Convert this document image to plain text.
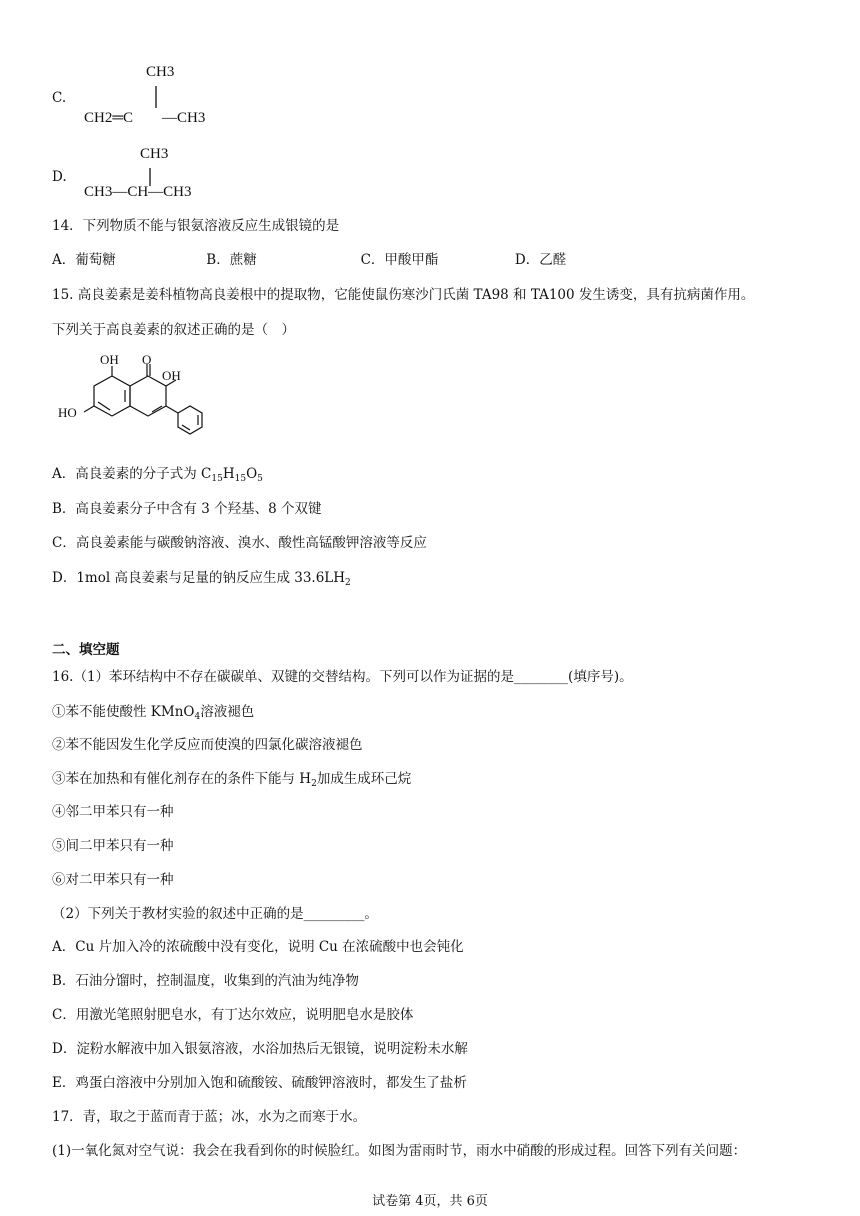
C.
CH3
CH2═C —CH3
D.
CH3
CH3—CH—CH3
14．下列物质不能与银氨溶液反应生成银镜的是
A．葡萄糖	B．蔗糖	C．甲酸甲酯	D．乙醛
15. 高良姜素是姜科植物高良姜根中的提取物，它能使鼠伤寒沙门氏菌 TA98 和 TA100 发生诱变，具有抗病菌作用。
下列关于高良姜素的叙述正确的是（　）
OH O
OH
HO
A．高良姜素的分子式为 $C_{15}H_{15}O_5$
B．高良姜素分子中含有 3 个羟基、8 个双键
C．高良姜素能与碳酸钠溶液、溴水、酸性高锰酸钾溶液等反应
D．1mol 高良姜素与足量的钠反应生成 $33.6LH_2$
二、填空题
16.（1）苯环结构中不存在碳碳单、双键的交替结构。下列可以作为证据的是________(填序号)。
①苯不能使酸性 KMnO$_4$溶液褪色
②苯不能因发生化学反应而使溴的四氯化碳溶液褪色
③苯在加热和有催化剂存在的条件下能与 $H_2$加成生成环己烷
④邻二甲苯只有一种
⑤间二甲苯只有一种
⑥对二甲苯只有一种
（2）下列关于教材实验的叙述中正确的是_________。
A．Cu 片加入冷的浓硫酸中没有变化，说明 Cu 在浓硫酸中也会钝化
B．石油分馏时，控制温度，收集到的汽油为纯净物
C．用激光笔照射肥皂水，有丁达尔效应，说明肥皂水是胶体
D．淀粉水解液中加入银氨溶液，水浴加热后无银镜，说明淀粉未水解
E．鸡蛋白溶液中分别加入饱和硫酸铵、硫酸钾溶液时，都发生了盐析
17．青，取之于蓝而青于蓝；冰，水为之而寒于水。
(1)一氧化氮对空气说：我会在我看到你的时候脸红。如图为雷雨时节，雨水中硝酸的形成过程。回答下列有关问题：
试卷第 4页，共 6页
